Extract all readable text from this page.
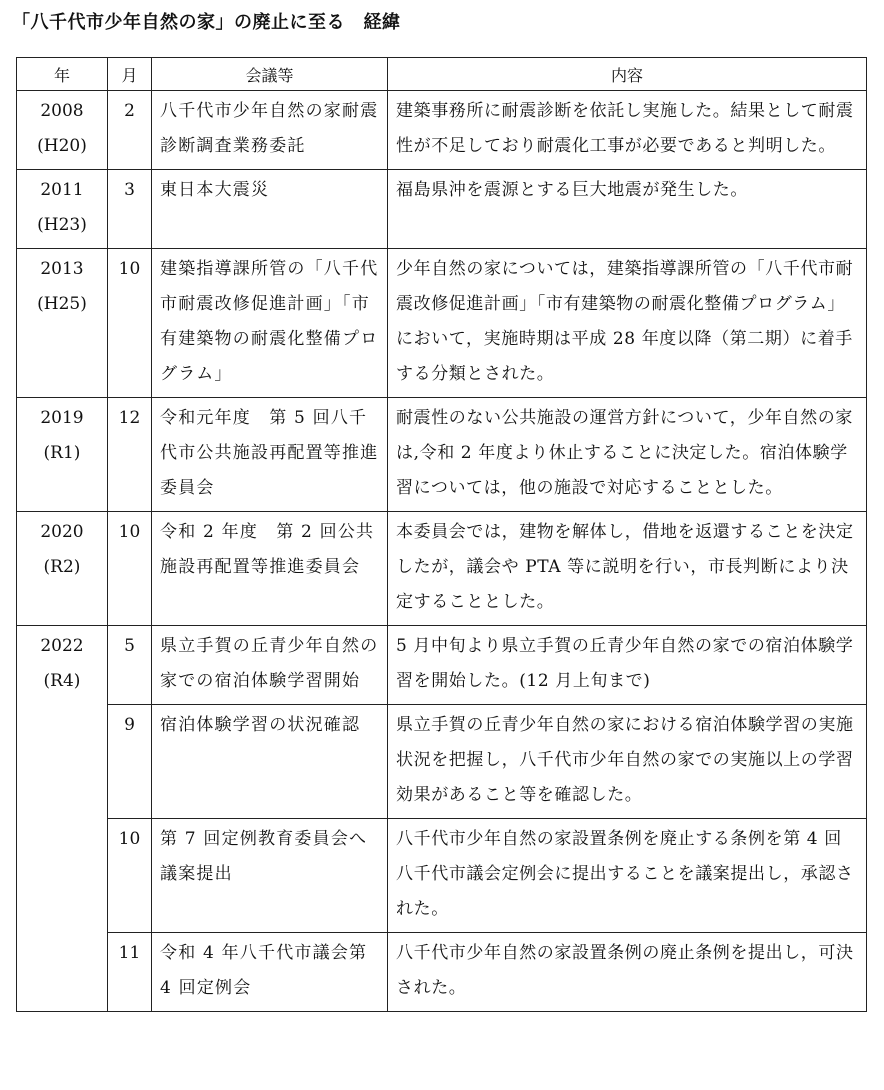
「八千代市少年自然の家」の廃止に至る　経緯
年	月	会議等	内容

2008
(H20)	2	八千代市少年自然の家耐震診断調査業務委託	建築事務所に耐震診断を依託し実施した。結果として耐震性が不足しており耐震化工事が必要であると判明した。

2011
(H23)	3	東日本大震災	福島県沖を震源とする巨大地震が発生した。

2013
(H25)	10	建築指導課所管の「八千代市耐震改修促進計画」「市有建築物の耐震化整備プログラム」	少年自然の家については，建築指導課所管の「八千代市耐震改修促進計画」「市有建築物の耐震化整備プログラム」において，実施時期は平成 28 年度以降（第二期）に着手する分類とされた。

2019
(R1)	12	令和元年度　第 5 回八千代市公共施設再配置等推進委員会	耐震性のない公共施設の運営方針について，少年自然の家は,令和 2 年度より休止することに決定した。宿泊体験学習については，他の施設で対応することとした。

2020
(R2)	10	令和 2 年度　第 2 回公共施設再配置等推進委員会	本委員会では，建物を解体し，借地を返還することを決定したが，議会や PTA 等に説明を行い，市長判断により決定することとした。

2022
(R4)	5	県立手賀の丘青少年自然の家での宿泊体験学習開始	5 月中旬より県立手賀の丘青少年自然の家での宿泊体験学習を開始した。(12 月上旬まで)
	9	宿泊体験学習の状況確認	県立手賀の丘青少年自然の家における宿泊体験学習の実施状況を把握し，八千代市少年自然の家での実施以上の学習効果があること等を確認した。
	10	第 7 回定例教育委員会へ議案提出	八千代市少年自然の家設置条例を廃止する条例を第 4 回八千代市議会定例会に提出することを議案提出し，承認された。
	11	令和 4 年八千代市議会第 4 回定例会	八千代市少年自然の家設置条例の廃止条例を提出し，可決された。
